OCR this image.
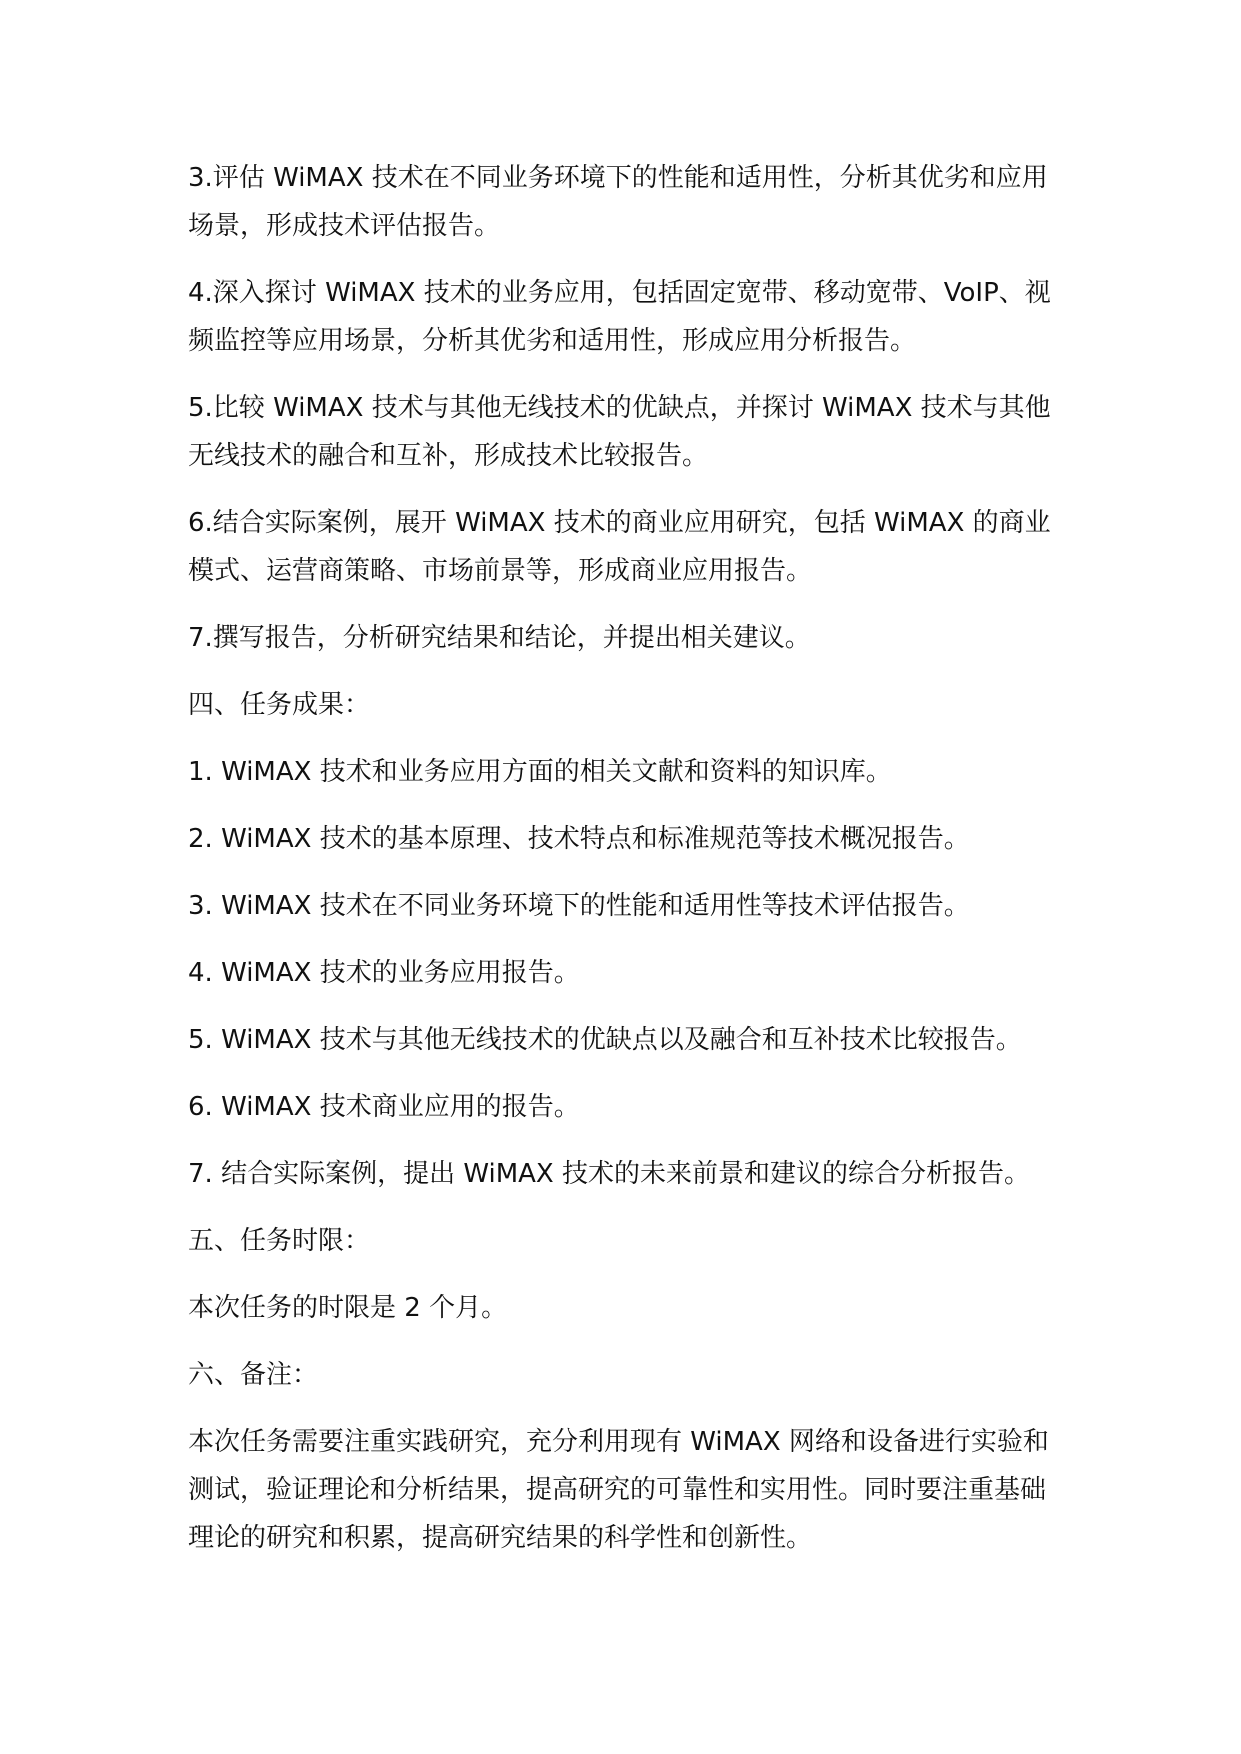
3.评估 WiMAX 技术在不同业务环境下的性能和适用性，分析其优劣和应用场景，形成技术评估报告。

4.深入探讨 WiMAX 技术的业务应用，包括固定宽带、移动宽带、VoIP、视频监控等应用场景，分析其优劣和适用性，形成应用分析报告。

5.比较 WiMAX 技术与其他无线技术的优缺点，并探讨 WiMAX 技术与其他无线技术的融合和互补，形成技术比较报告。

6.结合实际案例，展开 WiMAX 技术的商业应用研究，包括 WiMAX 的商业模式、运营商策略、市场前景等，形成商业应用报告。

7.撰写报告，分析研究结果和结论，并提出相关建议。

四、任务成果：

1. WiMAX 技术和业务应用方面的相关文献和资料的知识库。

2. WiMAX 技术的基本原理、技术特点和标准规范等技术概况报告。

3. WiMAX 技术在不同业务环境下的性能和适用性等技术评估报告。

4. WiMAX 技术的业务应用报告。

5. WiMAX 技术与其他无线技术的优缺点以及融合和互补技术比较报告。

6. WiMAX 技术商业应用的报告。

7. 结合实际案例，提出 WiMAX 技术的未来前景和建议的综合分析报告。

五、任务时限：

本次任务的时限是 2 个月。

六、备注：

本次任务需要注重实践研究，充分利用现有 WiMAX 网络和设备进行实验和测试，验证理论和分析结果，提高研究的可靠性和实用性。同时要注重基础理论的研究和积累，提高研究结果的科学性和创新性。
